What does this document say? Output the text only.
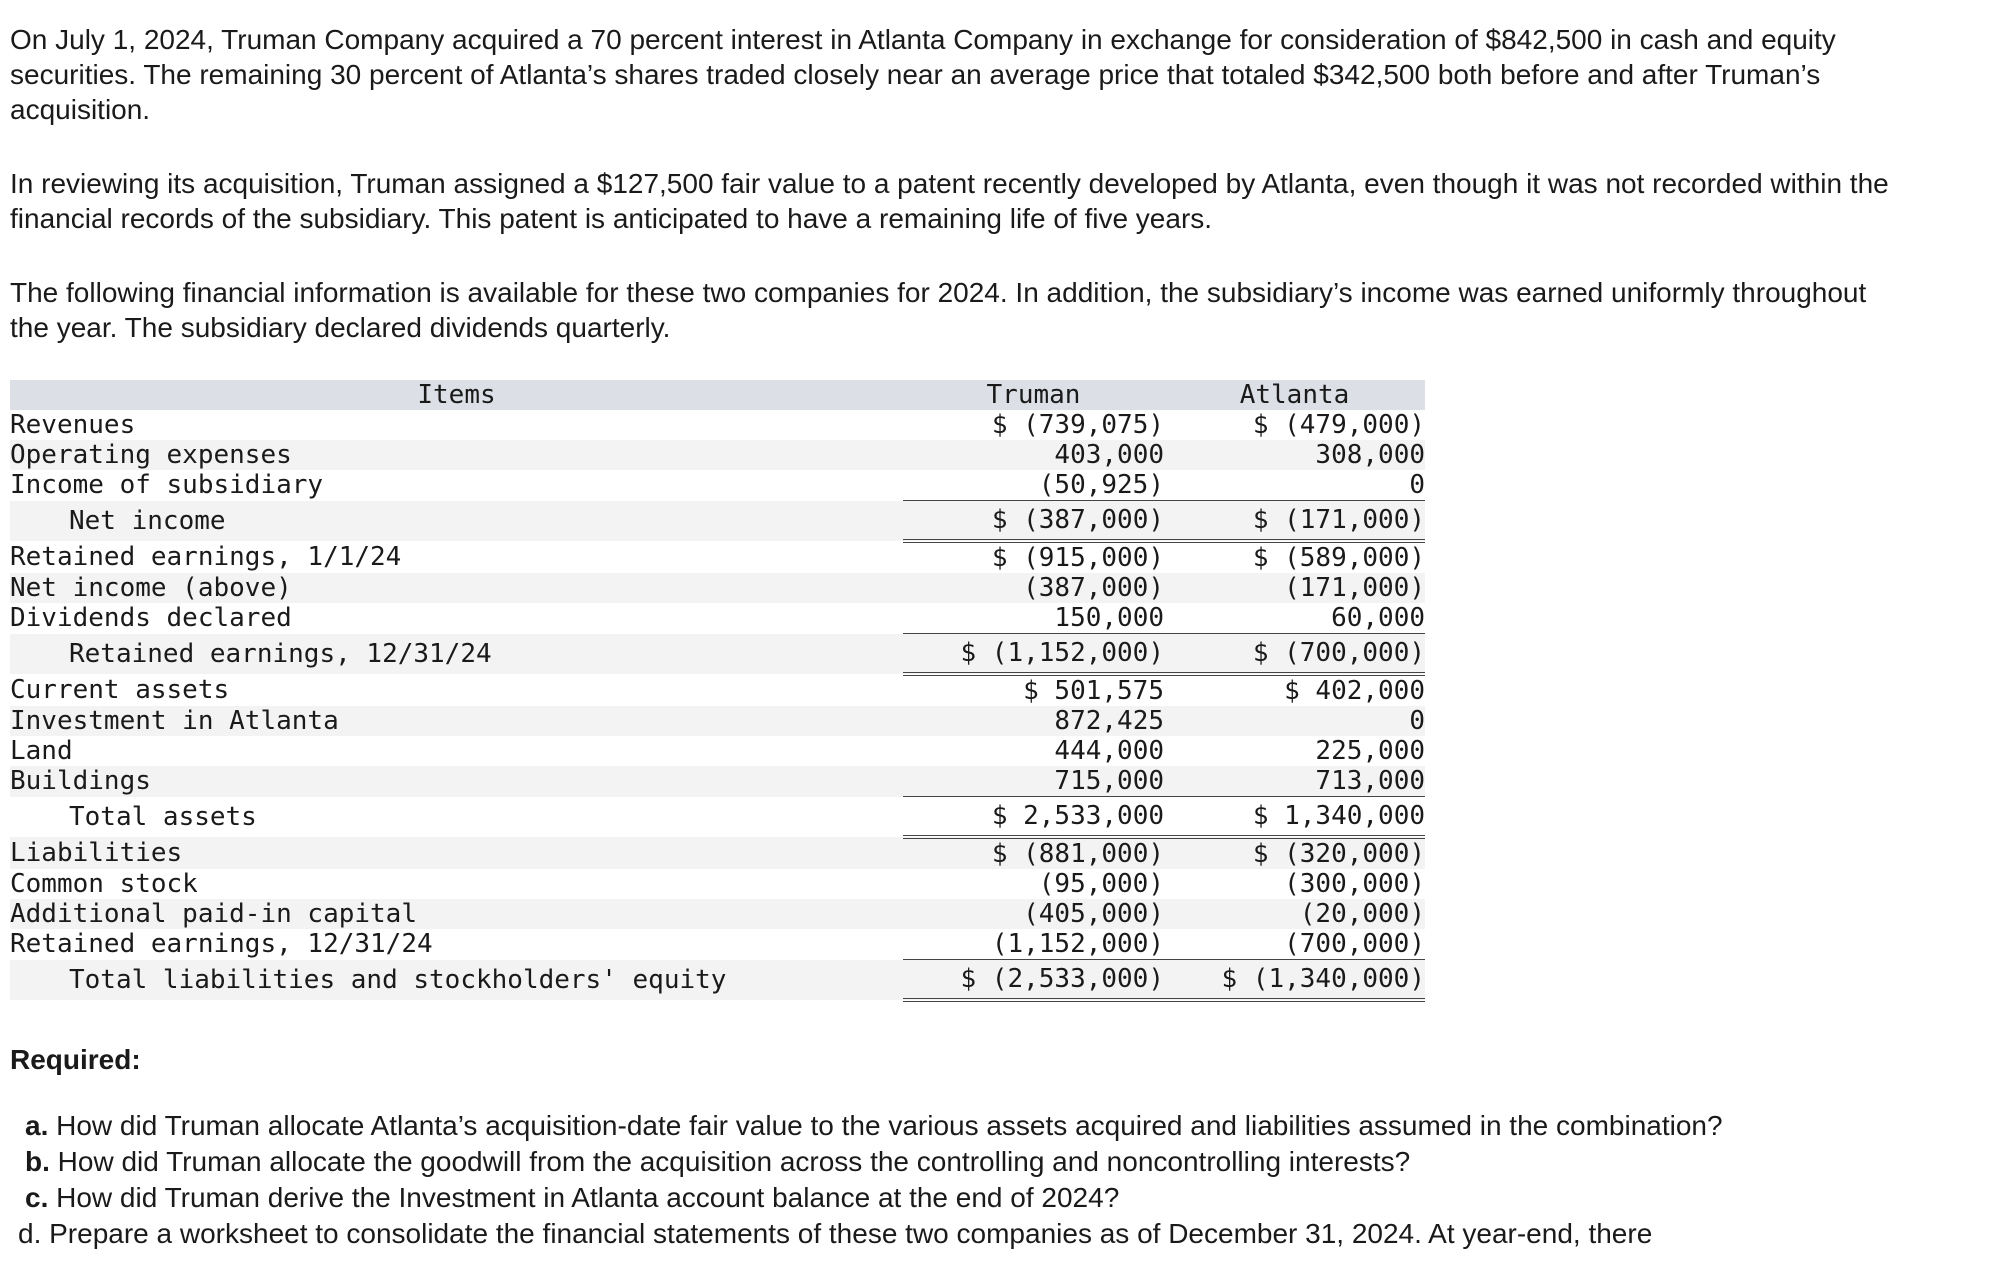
On July 1, 2024, Truman Company acquired a 70 percent interest in Atlanta Company in exchange for consideration of $842,500 in cash and equity securities. The remaining 30 percent of Atlanta’s shares traded closely near an average price that totaled $342,500 both before and after Truman’s acquisition.

In reviewing its acquisition, Truman assigned a $127,500 fair value to a patent recently developed by Atlanta, even though it was not recorded within the financial records of the subsidiary. This patent is anticipated to have a remaining life of five years.

The following financial information is available for these two companies for 2024. In addition, the subsidiary’s income was earned uniformly throughout the year. The subsidiary declared dividends quarterly.

Items	Truman	Atlanta
Revenues	$ (739,075)	$ (479,000)
Operating expenses	403,000	308,000
Income of subsidiary	(50,925)	0
Net income	$ (387,000)	$ (171,000)
Retained earnings, 1/1/24	$ (915,000)	$ (589,000)
Net income (above)	(387,000)	(171,000)
Dividends declared	150,000	60,000
Retained earnings, 12/31/24	$ (1,152,000)	$ (700,000)
Current assets	$ 501,575	$ 402,000
Investment in Atlanta	872,425	0
Land	444,000	225,000
Buildings	715,000	713,000
Total assets	$ 2,533,000	$ 1,340,000
Liabilities	$ (881,000)	$ (320,000)
Common stock	(95,000)	(300,000)
Additional paid-in capital	(405,000)	(20,000)
Retained earnings, 12/31/24	(1,152,000)	(700,000)
Total liabilities and stockholders' equity	$ (2,533,000)	$ (1,340,000)
Required:
a. How did Truman allocate Atlanta’s acquisition-date fair value to the various assets acquired and liabilities assumed in the combination?
b. How did Truman allocate the goodwill from the acquisition across the controlling and noncontrolling interests?
c. How did Truman derive the Investment in Atlanta account balance at the end of 2024?
d. Prepare a worksheet to consolidate the financial statements of these two companies as of December 31, 2024. At year-end, there
